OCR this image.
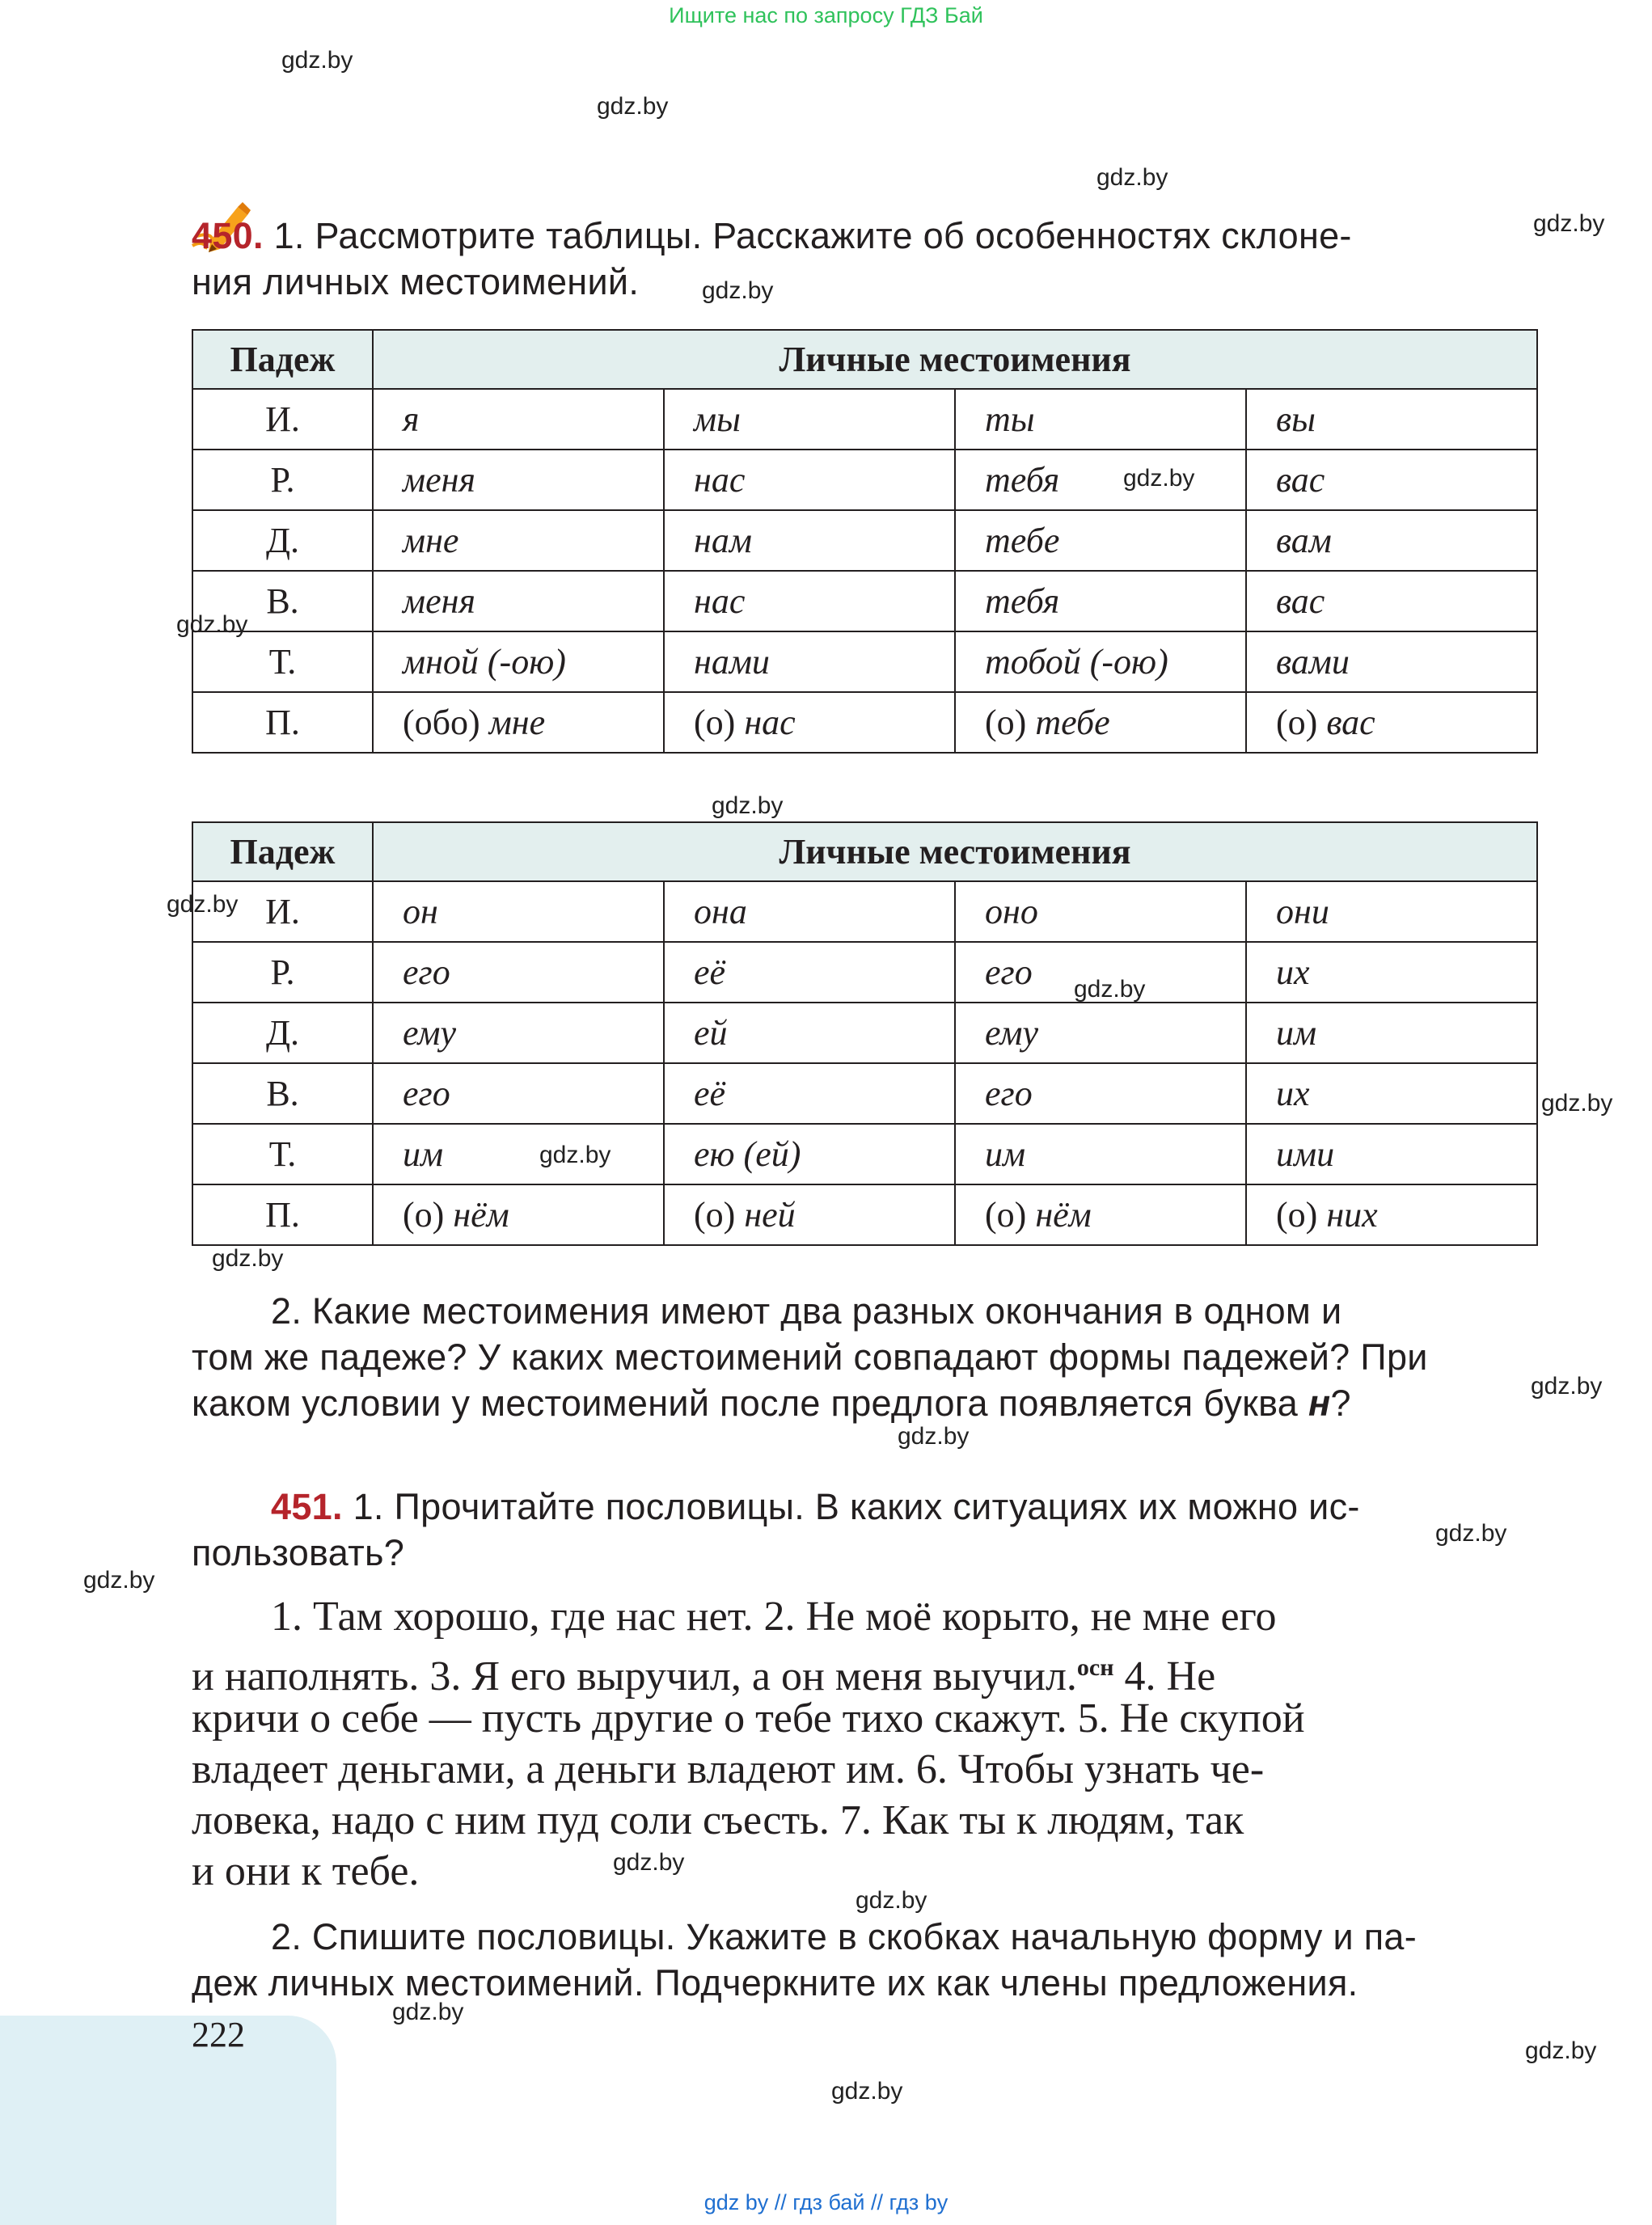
Ищите нас по запросу ГДЗ Бай
gdz.by
gdz.by
gdz.by
gdz.by
gdz.by
gdz.by
gdz.by
gdz.by
gdz.by
gdz.by
gdz.by
gdz.by
gdz.by
gdz.by
gdz.by
gdz.by
gdz.by
gdz.by
gdz.by
gdz.by
gdz.by
gdz.by
450. 1. Рассмотрите таблицы. Расскажите об особенностях склоне-
ния личных местоимений.
Падеж	Личные местоимения			
И.	я	мы	ты	вы
Р.	меня	нас	тебя	вас
Д.	мне	нам	тебе	вам
В.	меня	нас	тебя	вас
Т.	мной (-ою)	нами	тобой (-ою)	вами
П.	(обо) мне	(о) нас	(о) тебе	(о) вас
Падеж	Личные местоимения			
И.	он	она	оно	они
Р.	его	её	его	их
Д.	ему	ей	ему	им
В.	его	её	его	их
Т.	им	ею (ей)	им	ими
П.	(о) нём	(о) ней	(о) нём	(о) них
2. Какие местоимения имеют два разных окончания в одном и
том же падеже? У каких местоимений совпадают формы падежей? При
каком условии у местоимений после предлога появляется буква н?
451. 1. Прочитайте пословицы. В каких ситуациях их можно ис-
пользовать?
1. Там хорошо, где нас нет. 2. Не моё корыто, не мне его
и наполнять. 3. Я его выручил, а он меня выучил.$^{осн}$ 4. Не
кричи о себе — пусть другие о тебе тихо скажут. 5. Не скупой
владеет деньгами, а деньги владеют им. 6. Чтобы узнать че-
ловека, надо с ним пуд соли съесть. 7. Как ты к людям, так
и они к тебе.
2. Спишите пословицы. Укажите в скобках начальную форму и па-
деж личных местоимений. Подчеркните их как члены предложения.
222
gdz by // гдз бай // гдз by
